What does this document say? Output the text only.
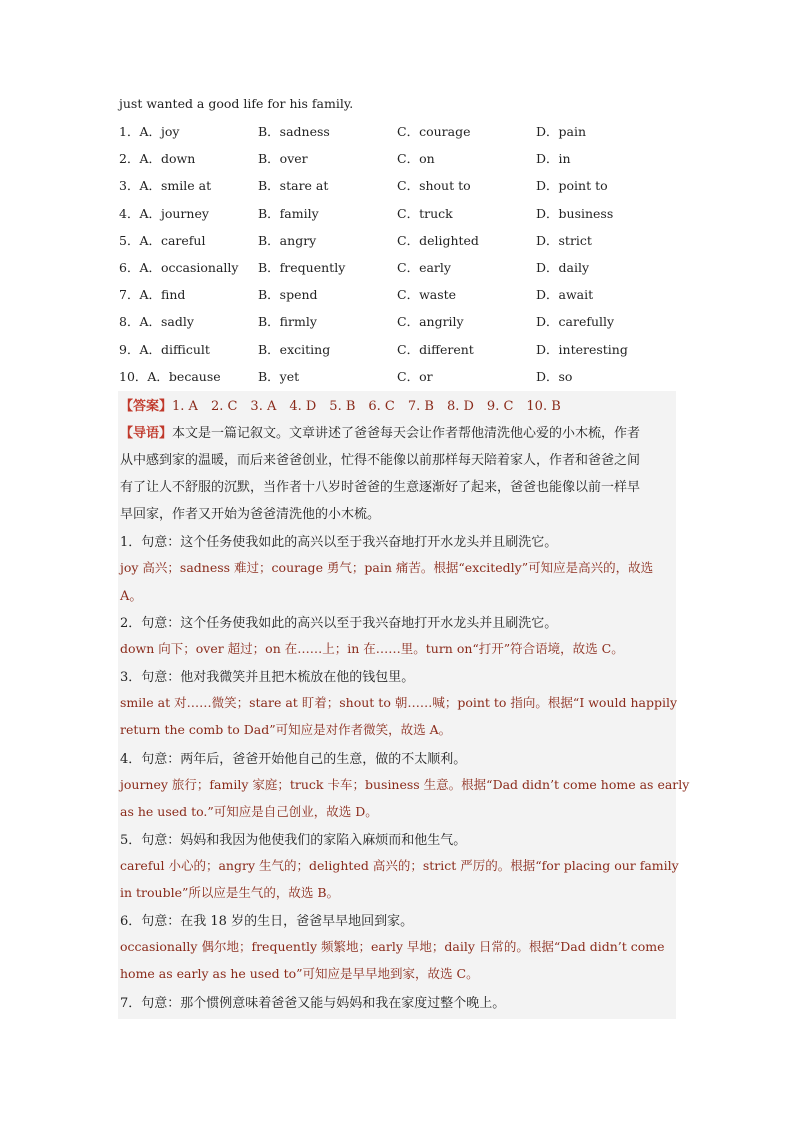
just wanted a good life for his family.
1．A．joy	B．sadness	C．courage	D．pain
2．A．down	B．over	C．on	D．in
3．A．smile at	B．stare at	C．shout to	D．point to
4．A．journey	B．family	C．truck	D．business
5．A．careful	B．angry	C．delighted	D．strict
6．A．occasionally B．frequently	C．early	D．daily
7．A．find	B．spend	C．waste	D．await
8．A．sadly	B．firmly	C．angrily	D．carefully
9．A．difficult	B．exciting	C．different	D．interesting
10．A．because	B．yet	C．or	D．so
【答案】1. A　2. C　3. A　4. D　5. B　6. C　7. B　8. D　9. C　10. B
【导语】本文是一篇记叙文。文章讲述了爸爸每天会让作者帮他清洗他心爱的小木梳，作者
从中感到家的温暖，而后来爸爸创业，忙得不能像以前那样每天陪着家人，作者和爸爸之间
有了让人不舒服的沉默，当作者十八岁时爸爸的生意逐渐好了起来，爸爸也能像以前一样早
早回家，作者又开始为爸爸清洗他的小木梳。
1．句意：这个任务使我如此的高兴以至于我兴奋地打开水龙头并且刷洗它。
joy 高兴；sadness 难过；courage 勇气；pain 痛苦。根据“excitedly”可知应是高兴的，故选
A。
2．句意：这个任务使我如此的高兴以至于我兴奋地打开水龙头并且刷洗它。
down 向下；over 超过；on 在……上；in 在……里。turn on“打开”符合语境，故选 C。
3．句意：他对我微笑并且把木梳放在他的钱包里。
smile at 对……微笑；stare at 盯着；shout to 朝……喊；point to 指向。根据“I would happily
return the comb to Dad”可知应是对作者微笑，故选 A。
4．句意：两年后，爸爸开始他自己的生意，做的不太顺利。
journey 旅行；family 家庭；truck 卡车；business 生意。根据“Dad didn’t come home as early
as he used to.”可知应是自己创业，故选 D。
5．句意：妈妈和我因为他使我们的家陷入麻烦而和他生气。
careful 小心的；angry 生气的；delighted 高兴的；strict 严厉的。根据“for placing our family
in trouble”所以应是生气的，故选 B。
6．句意：在我 18 岁的生日，爸爸早早地回到家。
occasionally 偶尔地；frequently 频繁地；early 早地；daily 日常的。根据“Dad didn’t come
home as early as he used to”可知应是早早地到家，故选 C。
7．句意：那个惯例意味着爸爸又能与妈妈和我在家度过整个晚上。
